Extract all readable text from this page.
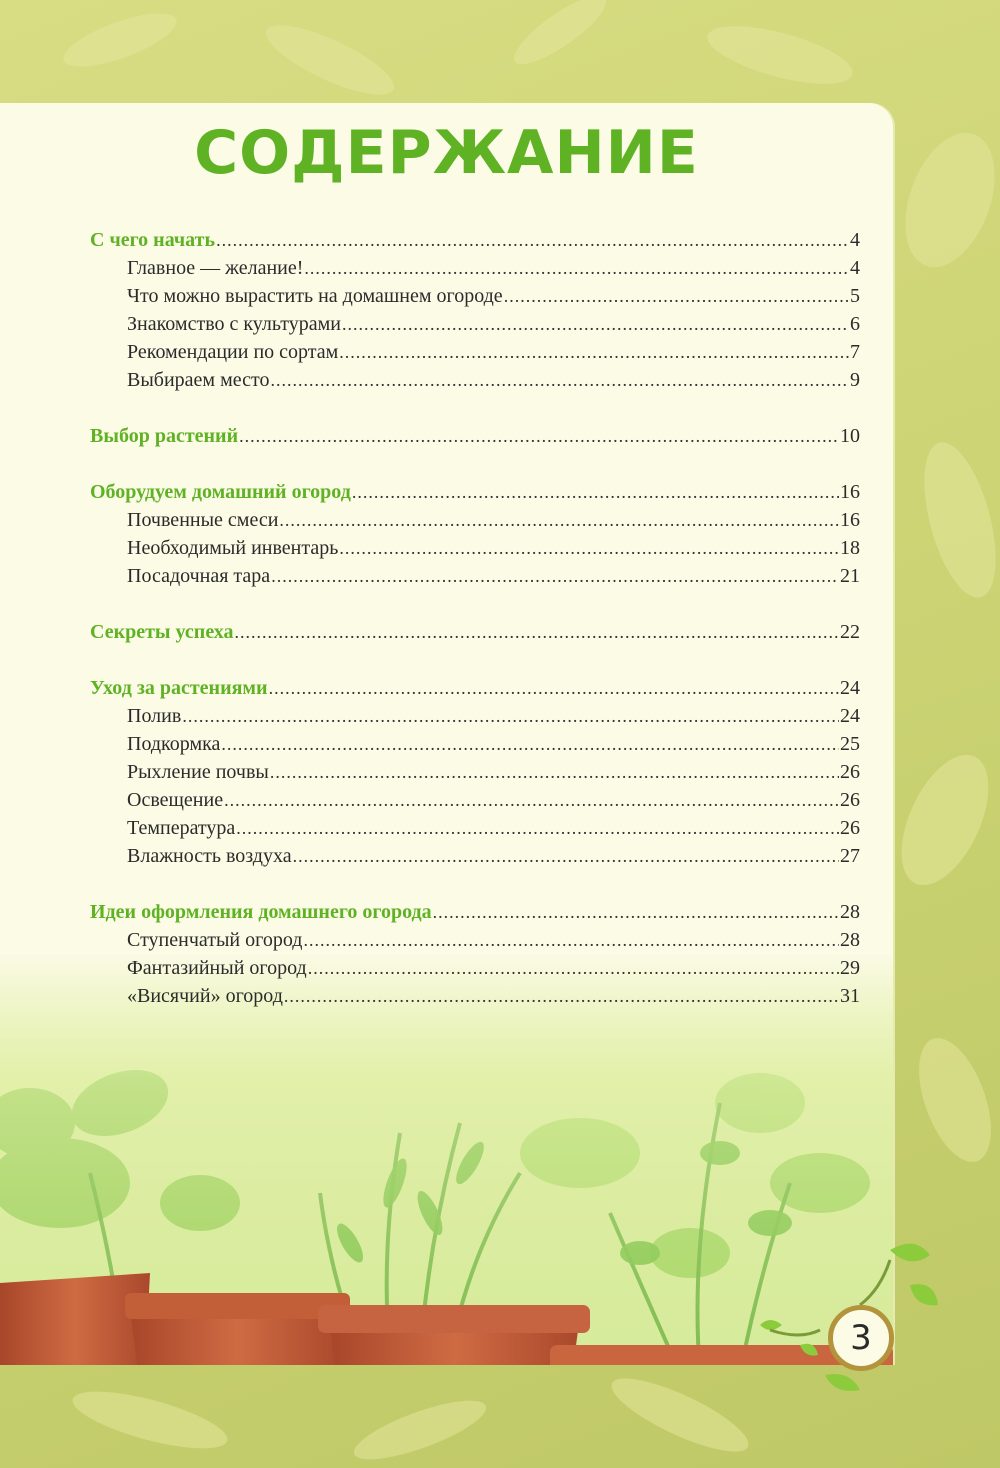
СОДЕРЖАНИЕ
С чего начать .....	4
Главное — желание! .....	4
Что можно вырастить на домашнем огороде .....	5
Знакомство с культурами .....	6
Рекомендации по сортам .....	7
Выбираем место .....	9
Выбор растений .....	10
Оборудуем домашний огород .....	16
Почвенные смеси .....	16
Необходимый инвентарь .....	18
Посадочная тара .....	21
Секреты успеха .....	22
Уход за растениями .....	24
Полив .....	24
Подкормка .....	25
Рыхление почвы .....	26
Освещение .....	26
Температура .....	26
Влажность воздуха .....	27
Идеи оформления домашнего огорода .....	28
Ступенчатый огород .....	28
Фантазийный огород .....	29
«Висячий» огород .....	31
3
